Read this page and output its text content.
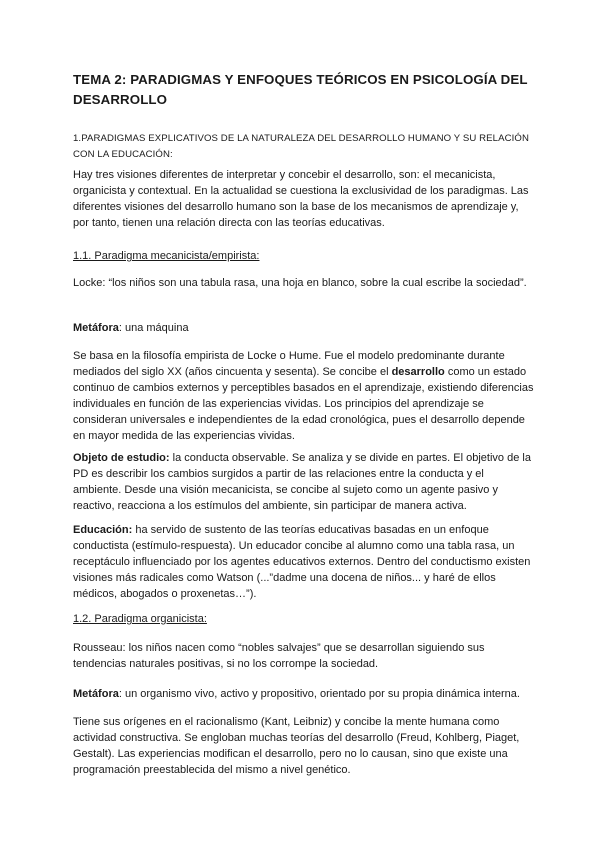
TEMA 2: PARADIGMAS Y ENFOQUES TEÓRICOS EN PSICOLOGÍA DEL DESARROLLO

1.PARADIGMAS EXPLICATIVOS DE LA NATURALEZA DEL DESARROLLO HUMANO Y SU RELACIÓN CON LA EDUCACIÓN:

Hay tres visiones diferentes de interpretar y concebir el desarrollo, son: el mecanicista, organicista y contextual. En la actualidad se cuestiona la exclusividad de los paradigmas. Las diferentes visiones del desarrollo humano son la base de los mecanismos de aprendizaje y, por tanto, tienen una relación directa con las teorías educativas.

1.1. Paradigma mecanicista/empirista:

Locke: “los niños son una tabula rasa, una hoja en blanco, sobre la cual escribe la sociedad”.

Metáfora: una máquina

Se basa en la filosofía empirista de Locke o Hume. Fue el modelo predominante durante mediados del siglo XX (años cincuenta y sesenta). Se concibe el desarrollo como un estado continuo de cambios externos y perceptibles basados en el aprendizaje, existiendo diferencias individuales en función de las experiencias vividas. Los principios del aprendizaje se consideran universales e independientes de la edad cronológica, pues el desarrollo depende en mayor medida de las experiencias vividas.

Objeto de estudio: la conducta observable. Se analiza y se divide en partes. El objetivo de la PD es describir los cambios surgidos a partir de las relaciones entre la conducta y el ambiente. Desde una visión mecanicista, se concibe al sujeto como un agente pasivo y reactivo, reacciona a los estímulos del ambiente, sin participar de manera activa.

Educación: ha servido de sustento de las teorías educativas basadas en un enfoque conductista (estímulo-respuesta). Un educador concibe al alumno como una tabla rasa, un receptáculo influenciado por los agentes educativos externos. Dentro del conductismo existen visiones más radicales como Watson (...”dadme una docena de niños... y haré de ellos médicos, abogados o proxenetas…”).

1.2. Paradigma organicista:

Rousseau: los niños nacen como “nobles salvajes” que se desarrollan siguiendo sus tendencias naturales positivas, si no los corrompe la sociedad.

Metáfora: un organismo vivo, activo y propositivo, orientado por su propia dinámica interna.

Tiene sus orígenes en el racionalismo (Kant, Leibniz) y concibe la mente humana como actividad constructiva. Se engloban muchas teorías del desarrollo (Freud, Kohlberg, Piaget, Gestalt). Las experiencias modifican el desarrollo, pero no lo causan, sino que existe una programación preestablecida del mismo a nivel genético.
